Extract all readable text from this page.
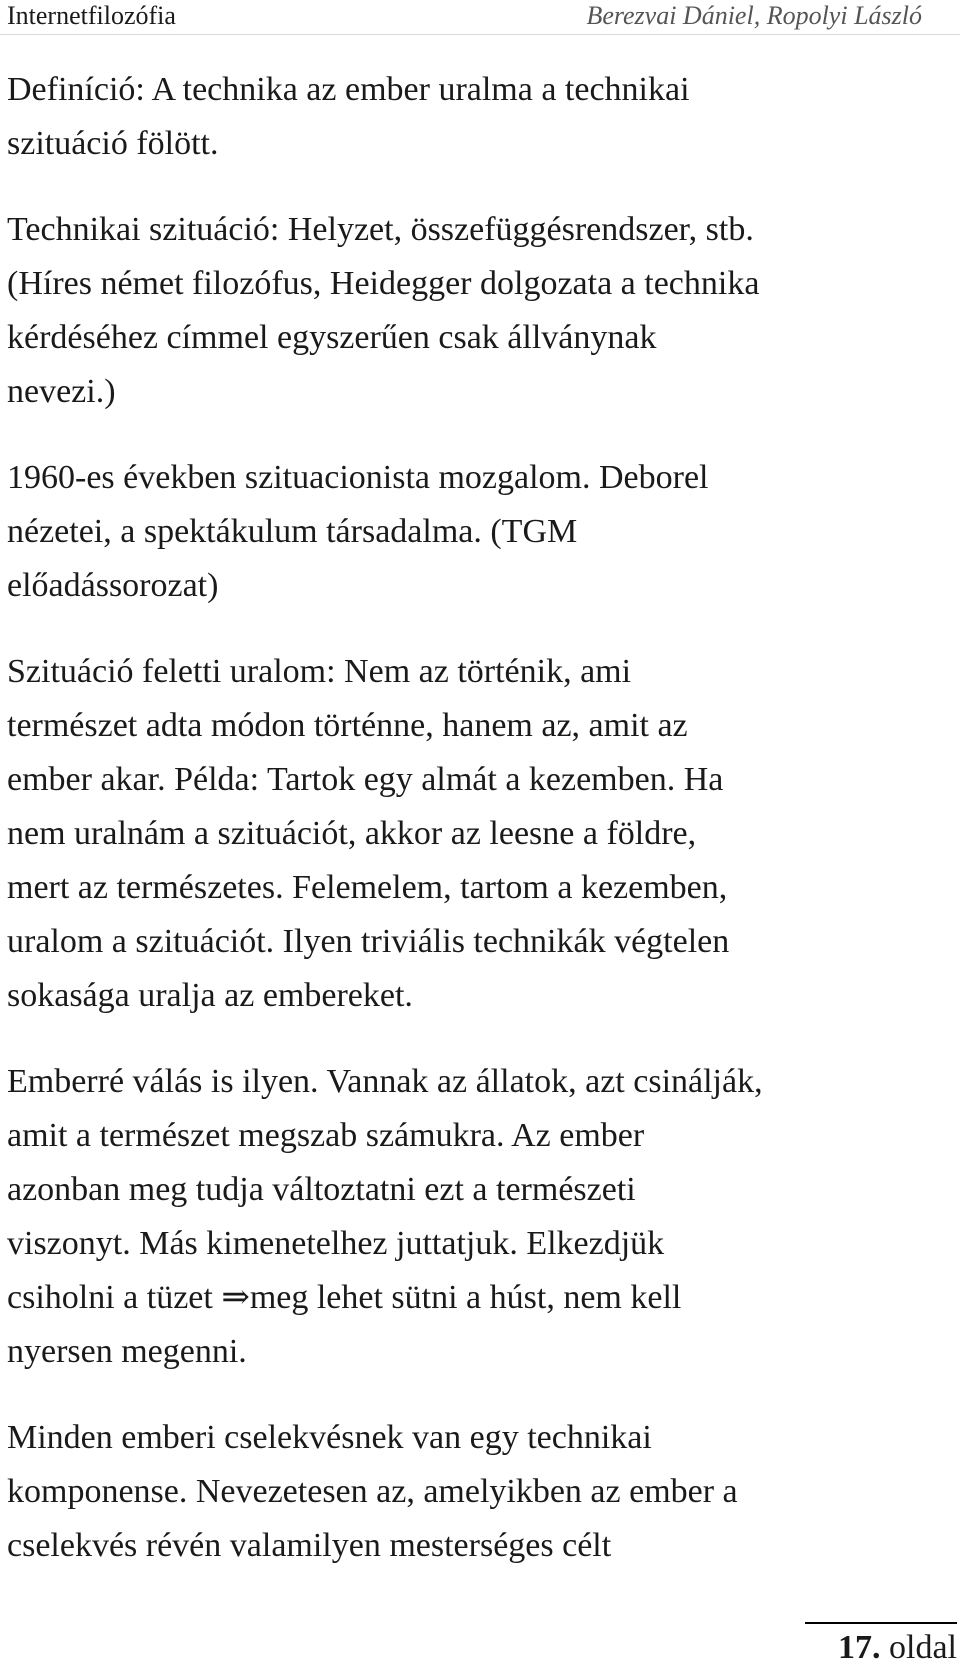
Internetfilozófia	Berezvai Dániel, Ropolyi László

Definíció: A technika az ember uralma a technikai
szituáció fölött.

Technikai szituáció: Helyzet, összefüggésrendszer, stb.
(Híres német filozófus, Heidegger dolgozata a technika
kérdéséhez címmel egyszerűen csak állványnak
nevezi.)

1960-es években szituacionista mozgalom. Deborel
nézetei, a spektákulum társadalma. (TGM
előadássorozat)

Szituáció feletti uralom: Nem az történik, ami
természet adta módon történne, hanem az, amit az
ember akar. Példa: Tartok egy almát a kezemben. Ha
nem uralnám a szituációt, akkor az leesne a földre,
mert az természetes. Felemelem, tartom a kezemben,
uralom a szituációt. Ilyen triviális technikák végtelen
sokasága uralja az embereket.

Emberré válás is ilyen. Vannak az állatok, azt csinálják,
amit a természet megszab számukra. Az ember
azonban meg tudja változtatni ezt a természeti
viszonyt. Más kimenetelhez juttatjuk. Elkezdjük
csiholni a tüzet ⇒meg lehet sütni a húst, nem kell
nyersen megenni.

Minden emberi cselekvésnek van egy technikai
komponense. Nevezetesen az, amelyikben az ember a
cselekvés révén valamilyen mesterséges célt

17. oldal
